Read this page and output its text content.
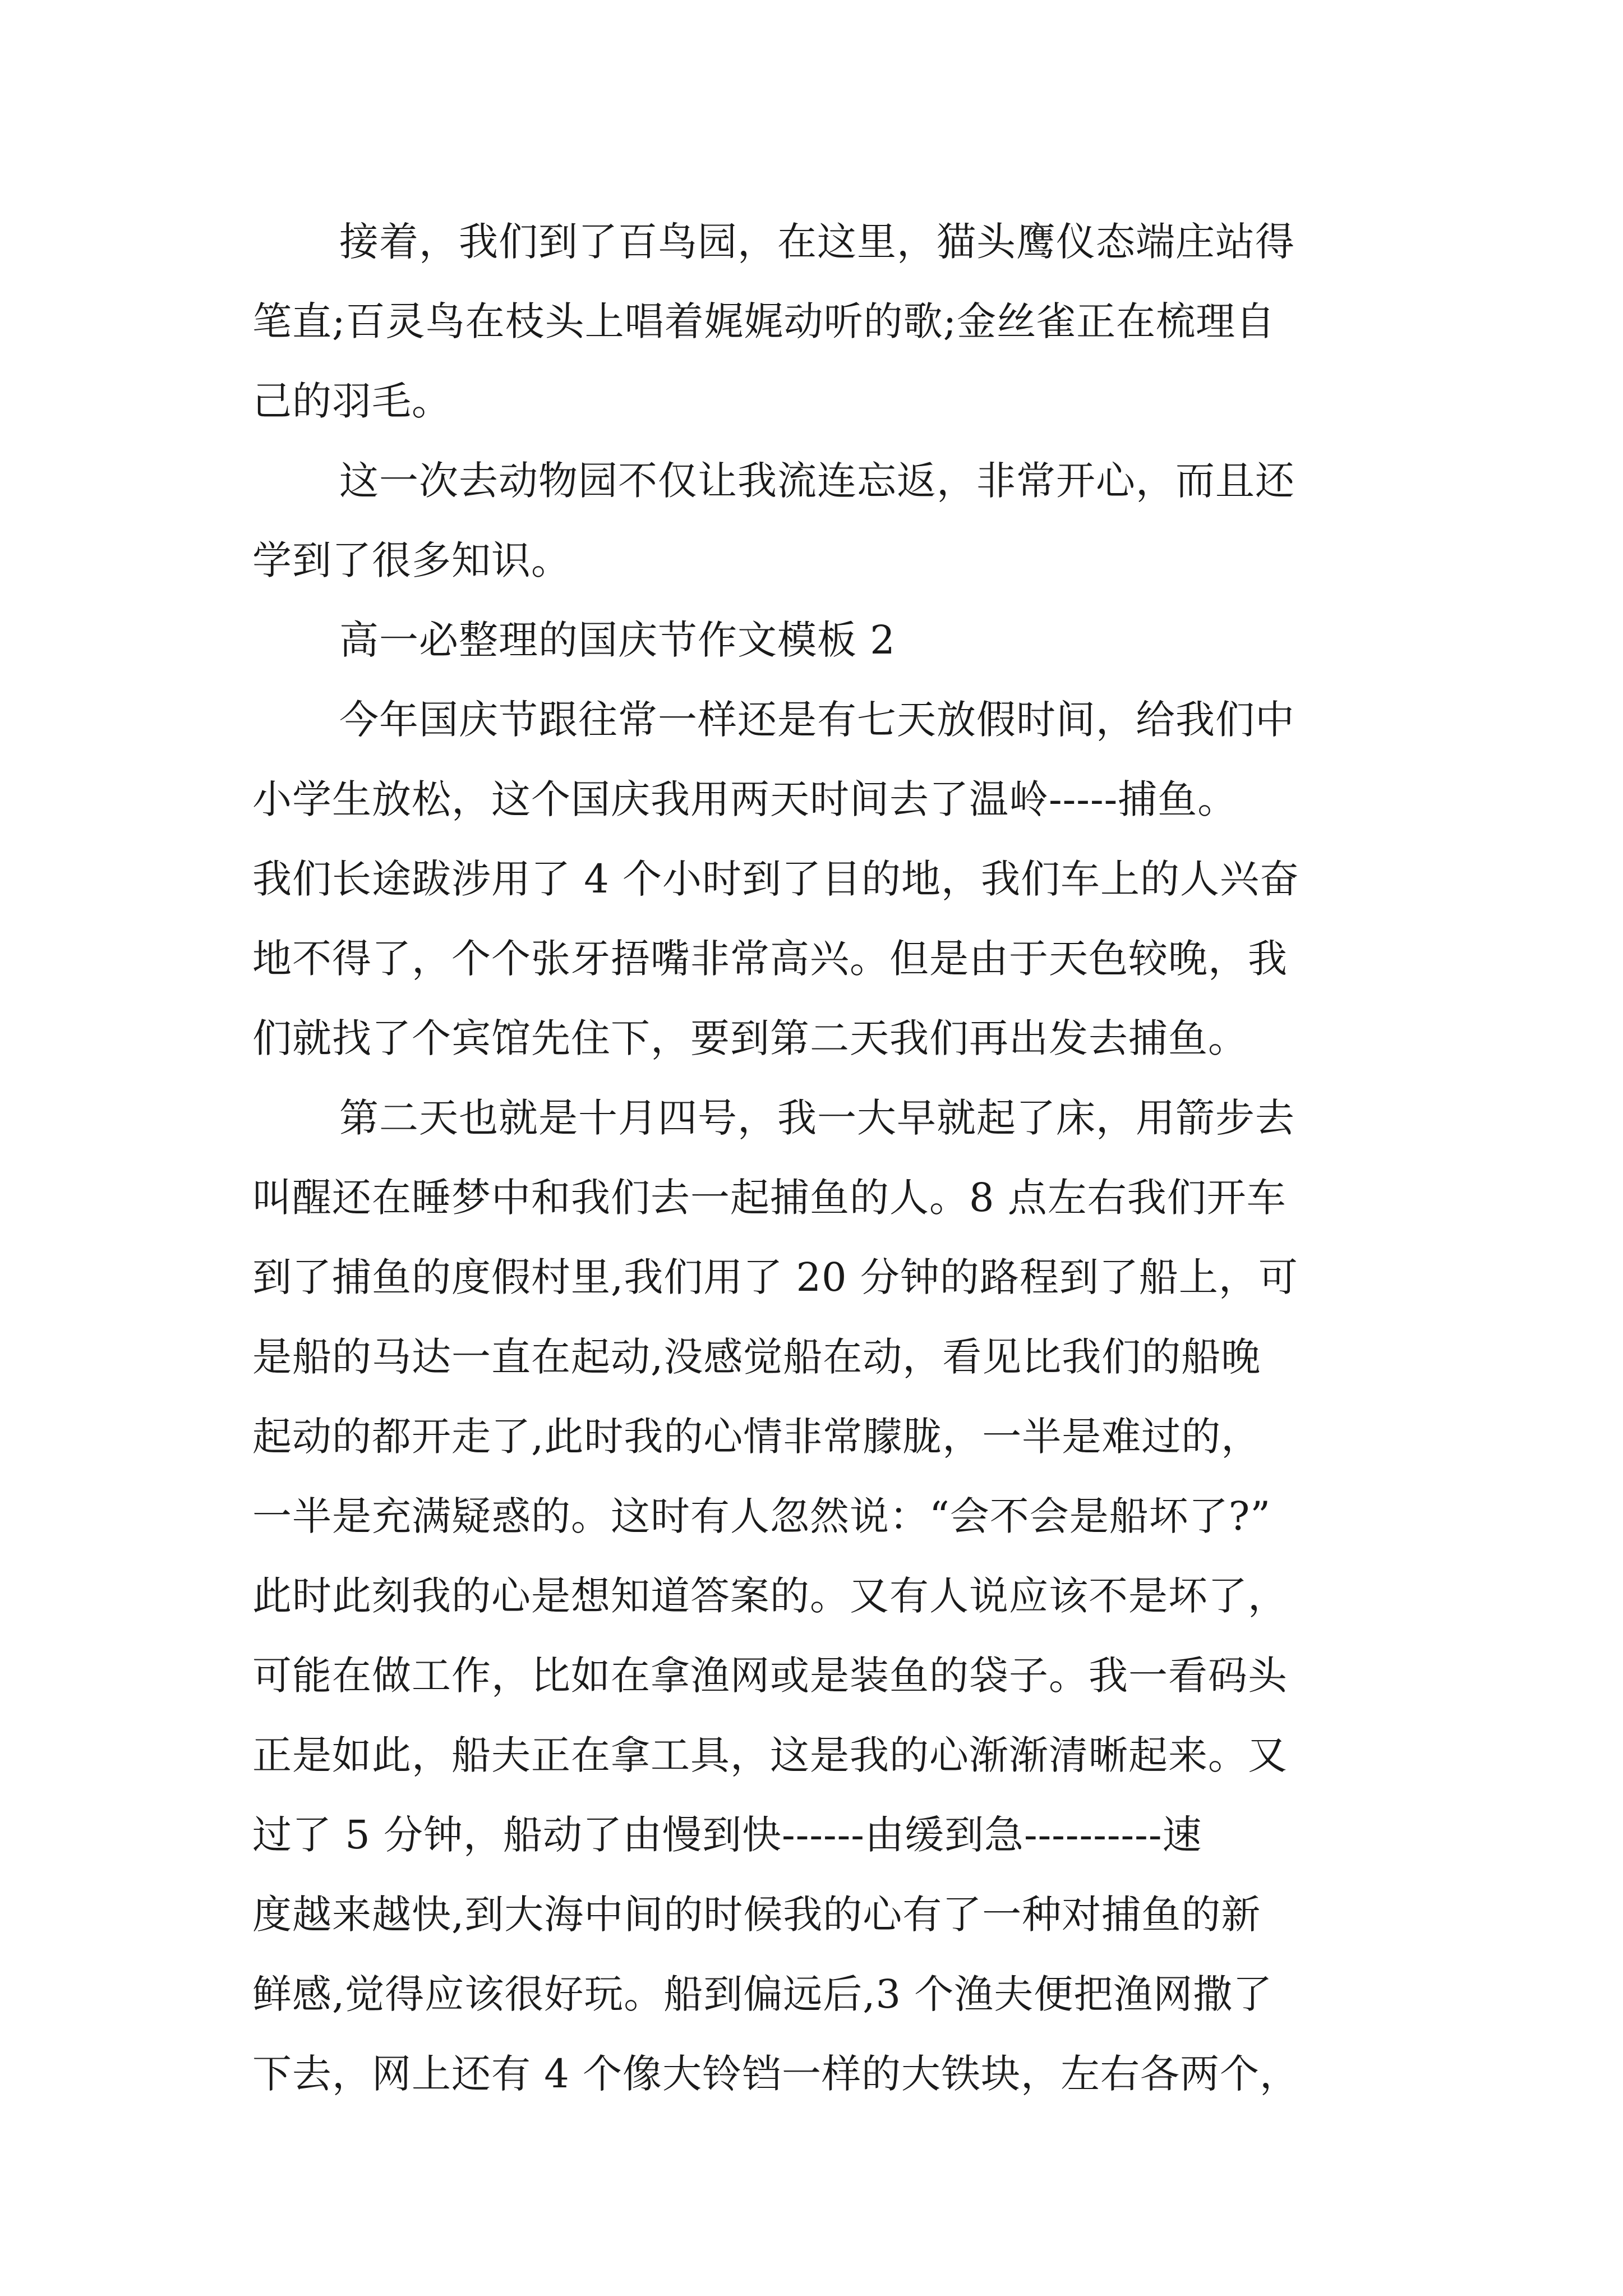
接着，我们到了百鸟园，在这里，猫头鹰仪态端庄站得
笔直;百灵鸟在枝头上唱着娓娓动听的歌;金丝雀正在梳理自
己的羽毛。
这一次去动物园不仅让我流连忘返，非常开心，而且还
学到了很多知识。
高一必整理的国庆节作文模板 2
今年国庆节跟往常一样还是有七天放假时间，给我们中
小学生放松，这个国庆我用两天时间去了温岭-----捕鱼。
我们长途跋涉用了 4 个小时到了目的地，我们车上的人兴奋
地不得了，个个张牙捂嘴非常高兴。但是由于天色较晚，我
们就找了个宾馆先住下，要到第二天我们再出发去捕鱼。
第二天也就是十月四号，我一大早就起了床，用箭步去
叫醒还在睡梦中和我们去一起捕鱼的人。8 点左右我们开车
到了捕鱼的度假村里,我们用了 20 分钟的路程到了船上，可
是船的马达一直在起动,没感觉船在动，看见比我们的船晚
起动的都开走了,此时我的心情非常朦胧，一半是难过的，
一半是充满疑惑的。这时有人忽然说：“会不会是船坏了?”
此时此刻我的心是想知道答案的。又有人说应该不是坏了，
可能在做工作，比如在拿渔网或是装鱼的袋子。我一看码头
正是如此，船夫正在拿工具，这是我的心渐渐清晰起来。又
过了 5 分钟，船动了由慢到快------由缓到急----------速
度越来越快,到大海中间的时候我的心有了一种对捕鱼的新
鲜感,觉得应该很好玩。船到偏远后,3 个渔夫便把渔网撒了
下去，网上还有 4 个像大铃铛一样的大铁块，左右各两个，
